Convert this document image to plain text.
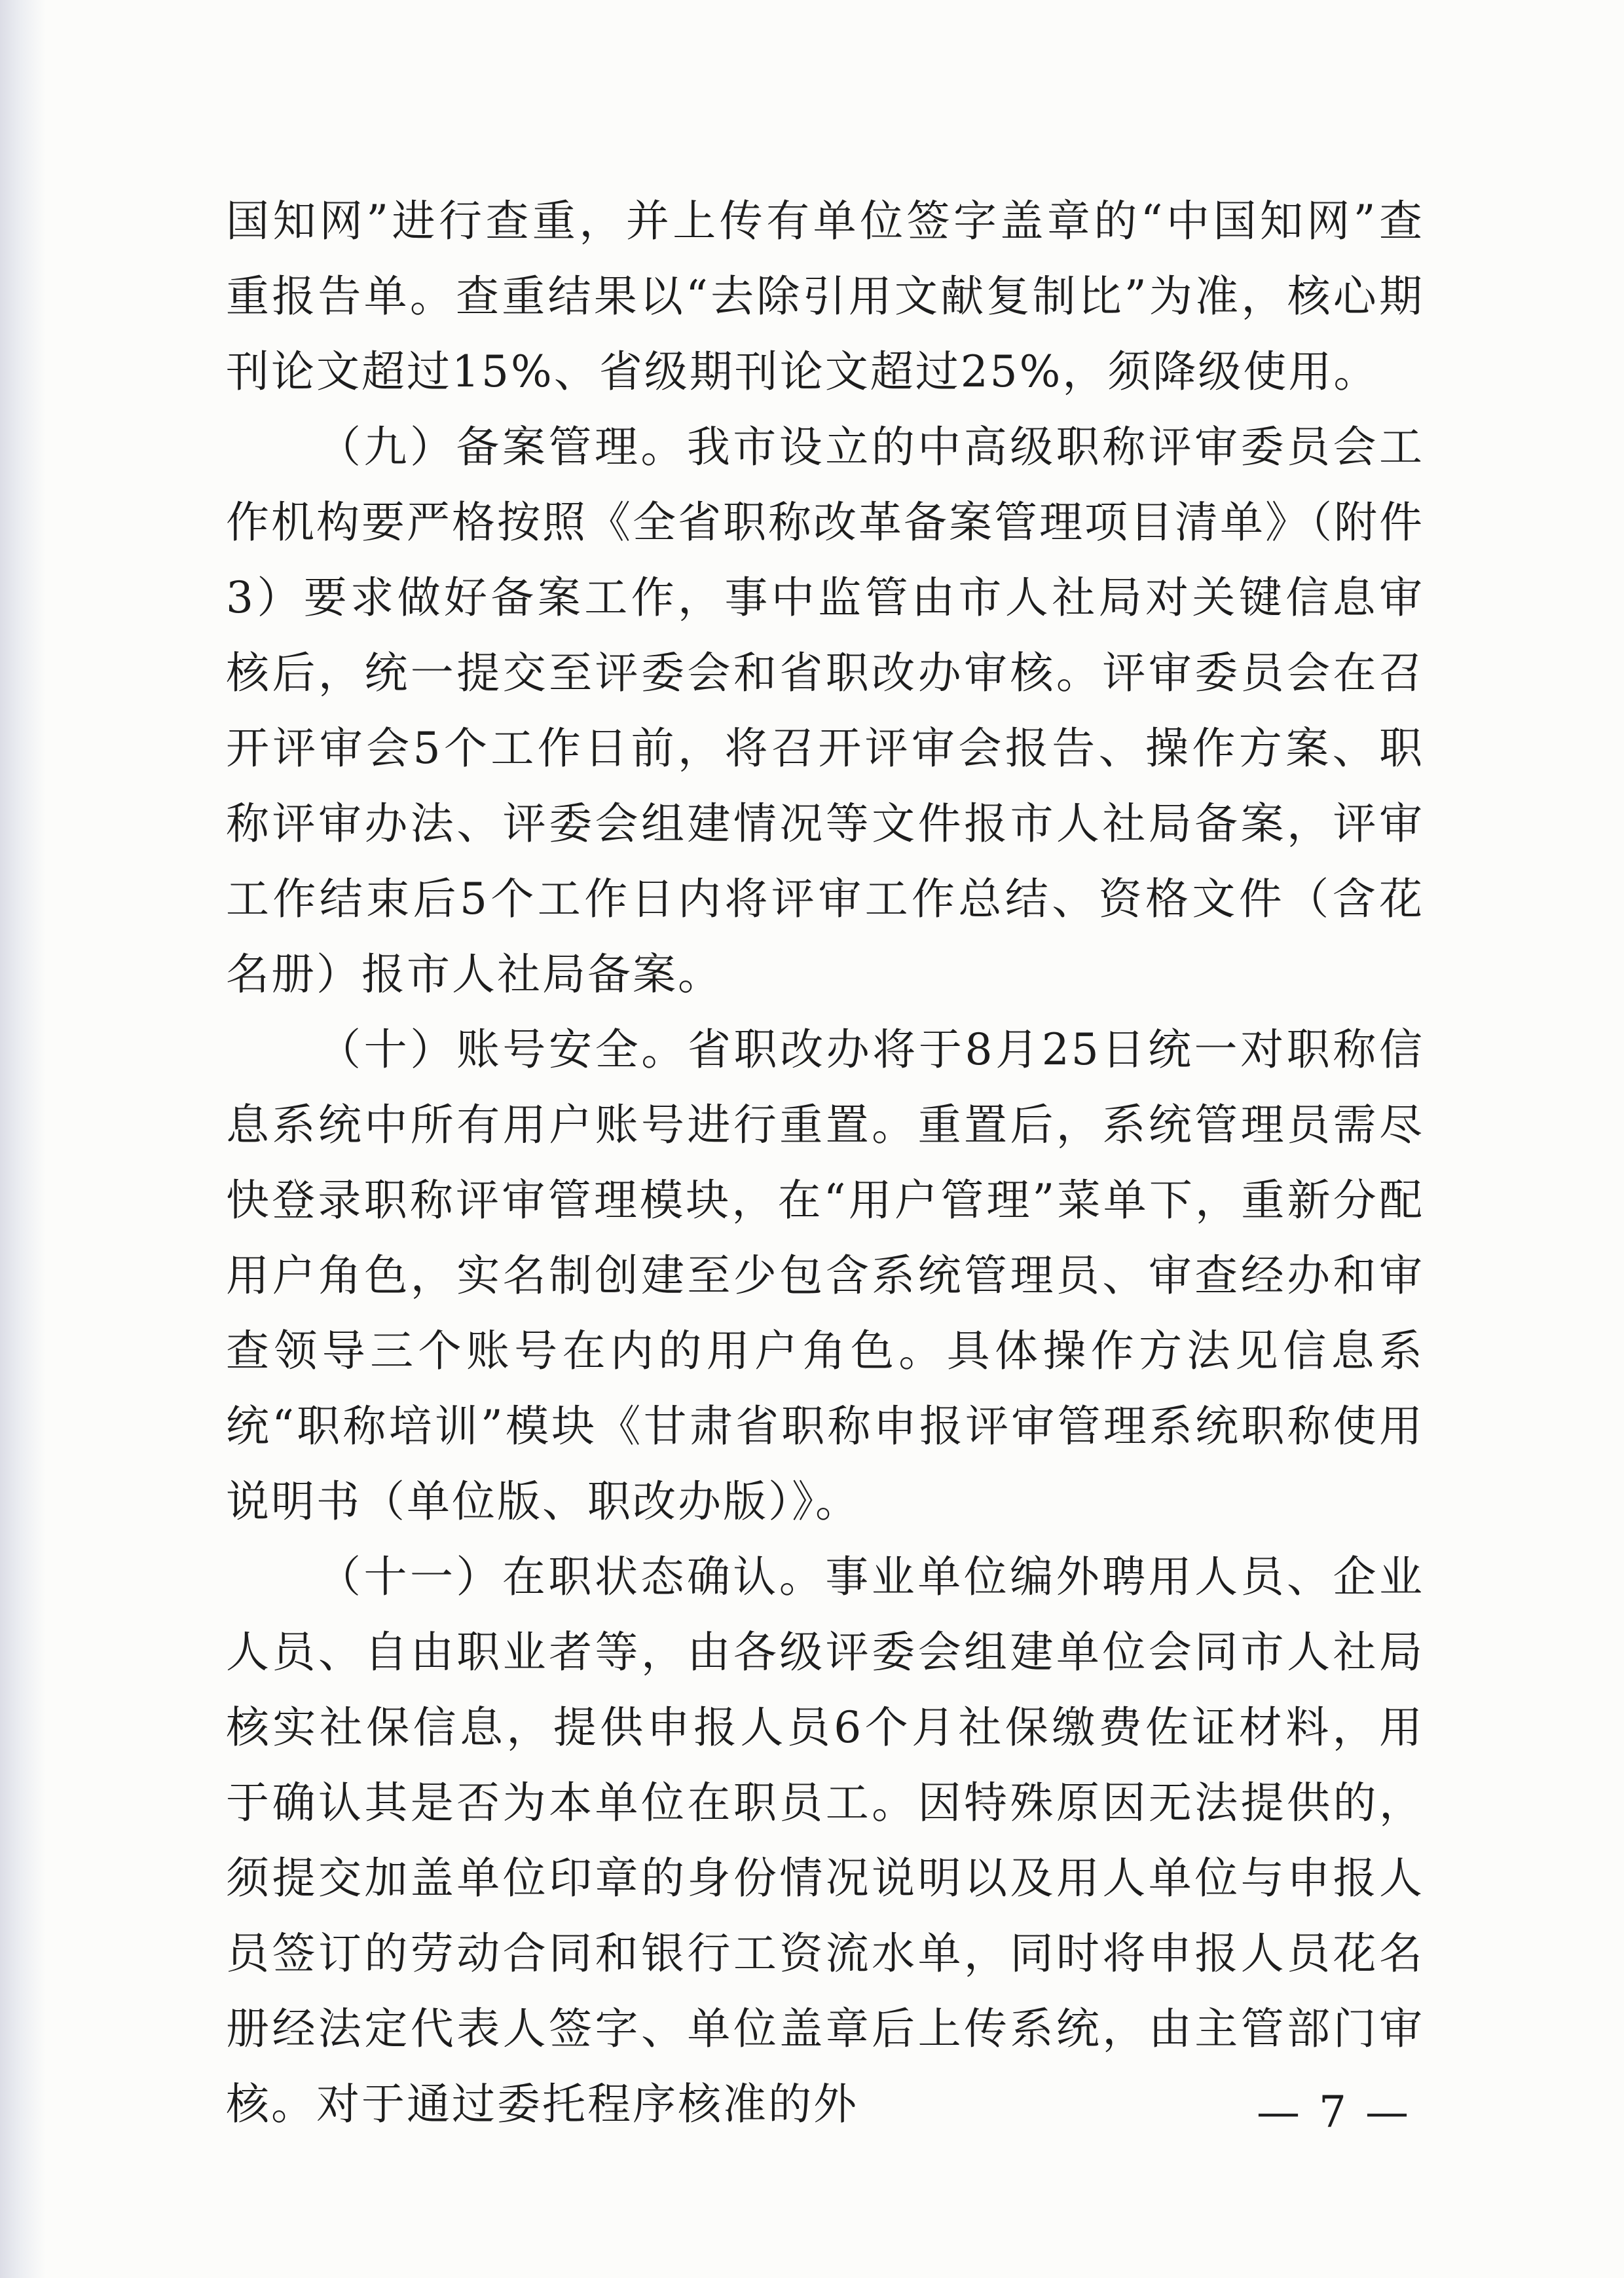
国知网”进行查重，并上传有单位签字盖章的“中国知网”查重报告单。查重结果以“去除引用文献复制比”为准，核心期刊论文超过15%、省级期刊论文超过25%，须降级使用。

（九）备案管理。我市设立的中高级职称评审委员会工作机构要严格按照《全省职称改革备案管理项目清单》（附件3）要求做好备案工作，事中监管由市人社局对关键信息审核后，统一提交至评委会和省职改办审核。评审委员会在召开评审会5个工作日前，将召开评审会报告、操作方案、职称评审办法、评委会组建情况等文件报市人社局备案，评审工作结束后5个工作日内将评审工作总结、资格文件（含花名册）报市人社局备案。

（十）账号安全。省职改办将于8月25日统一对职称信息系统中所有用户账号进行重置。重置后，系统管理员需尽快登录职称评审管理模块，在“用户管理”菜单下，重新分配用户角色，实名制创建至少包含系统管理员、审查经办和审查领导三个账号在内的用户角色。具体操作方法见信息系统“职称培训”模块《甘肃省职称申报评审管理系统职称使用说明书（单位版、职改办版）》。

（十一）在职状态确认。事业单位编外聘用人员、企业人员、自由职业者等，由各级评委会组建单位会同市人社局核实社保信息，提供申报人员6个月社保缴费佐证材料，用于确认其是否为本单位在职员工。因特殊原因无法提供的，须提交加盖单位印章的身份情况说明以及用人单位与申报人员签订的劳动合同和银行工资流水单，同时将申报人员花名册经法定代表人签字、单位盖章后上传系统，由主管部门审核。对于通过委托程序核准的外	— 7 —
